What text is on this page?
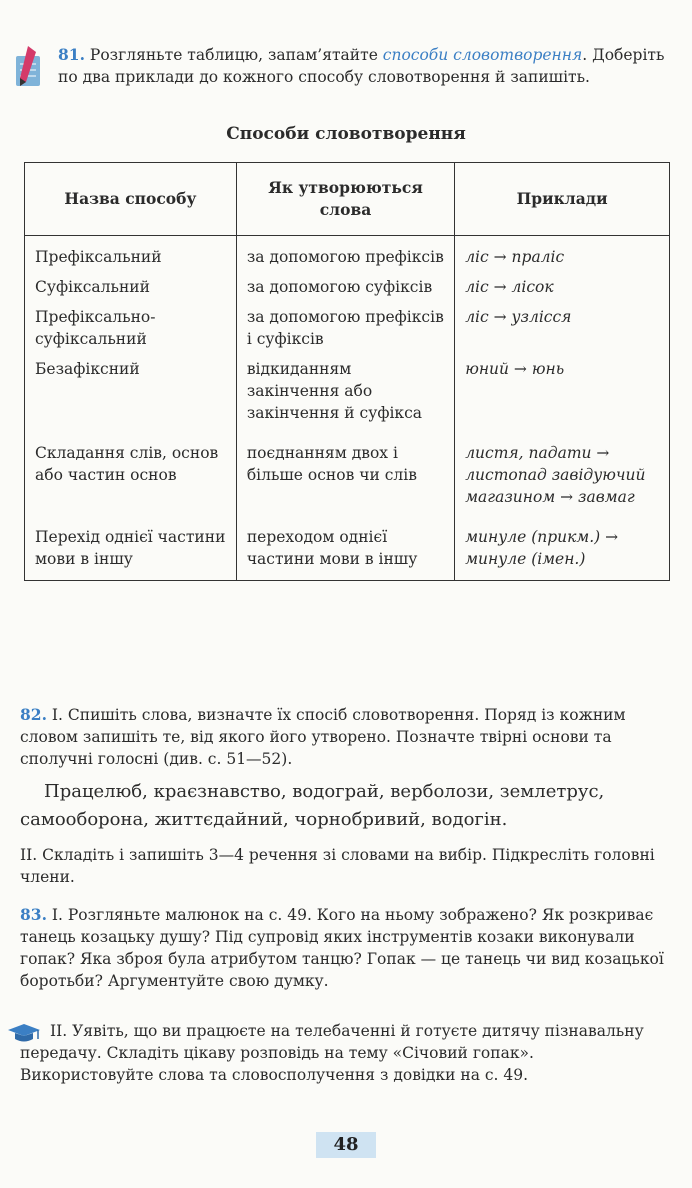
81. Розгляньте таблицю, запам’ятайте способи словотворення. Доберіть по два приклади до кожного способу словотворення й запишіть.
Способи словотворення
Назва способу	Як утворюються слова	Приклади
Префіксальний	за допомогою префіксів	ліс → праліс
Суфіксальний	за допомогою суфіксів	ліс → лісок
Префіксально-суфіксальний	за допомогою префіксів і суфіксів	ліс → узлісся
Безафіксний	відкиданням закінчення або закінчення й суфікса	юний → юнь
Складання слів, основ або частин основ	поєднанням двох і більше основ чи слів	листя, падати → листопад завідуючий магазином → завмаг
Перехід однієї частини мови в іншу	переходом однієї частини мови в іншу	минуле (прикм.) → минуле (імен.)
82. І. Спишіть слова, визначте їх спосіб словотворення. Поряд із кожним словом запишіть те, від якого його утворено. Позначте твірні основи та сполучні голосні (див. с. 51—52).
Працелюб, краєзнавство, водограй, верболози, землетрус, самооборона, життєдайний, чорнобривий, водогін.
ІІ. Складіть і запишіть 3—4 речення зі словами на вибір. Підкресліть головні члени.
83. І. Розгляньте малюнок на с. 49. Кого на ньому зображено? Як розкриває танець козацьку душу? Під супровід яких інструментів козаки виконували гопак? Яка зброя була атрибутом танцю? Гопак — це танець чи вид козацької боротьби? Аргументуйте свою думку.
ІІ. Уявіть, що ви працюєте на телебаченні й готуєте дитячу пізнавальну передачу. Складіть цікаву розповідь на тему «Січовий гопак». Використовуйте слова та словосполучення з довідки на с. 49.
48
